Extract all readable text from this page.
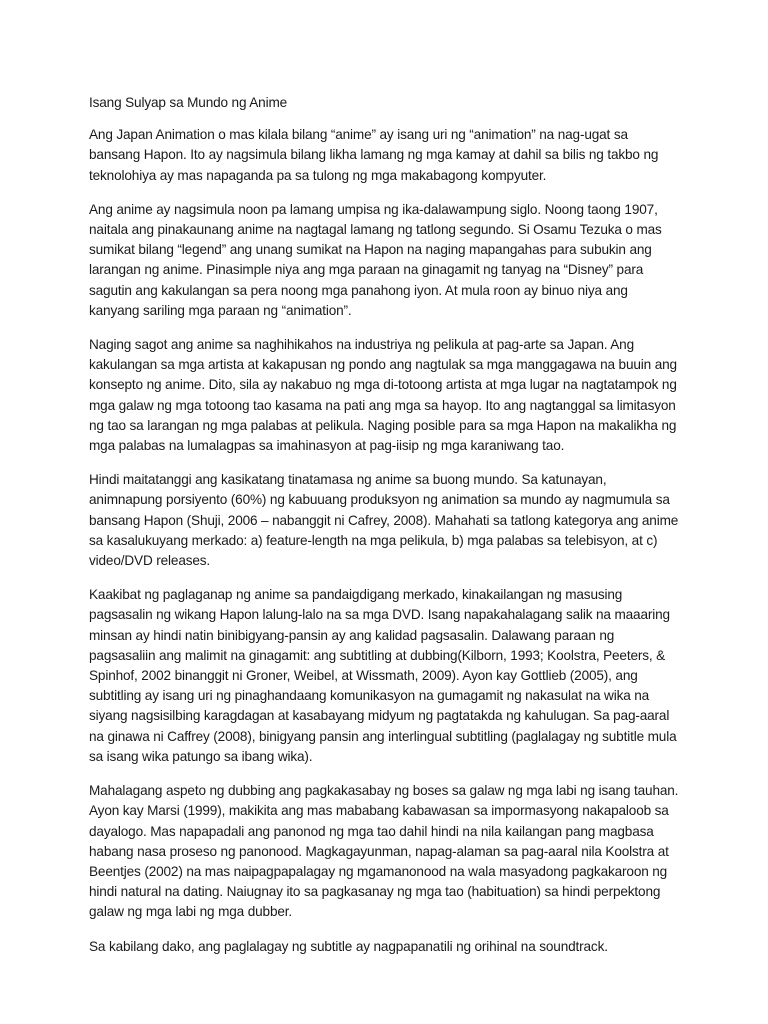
Isang Sulyap sa Mundo ng Anime

Ang Japan Animation o mas kilala bilang “anime” ay isang uri ng “animation” na nag-ugat sa bansang Hapon. Ito ay nagsimula bilang likha lamang ng mga kamay at dahil sa bilis ng takbo ng teknolohiya ay mas napaganda pa sa tulong ng mga makabagong kompyuter.

Ang anime ay nagsimula noon pa lamang umpisa ng ika-dalawampung siglo. Noong taong 1907, naitala ang pinakaunang anime na nagtagal lamang ng tatlong segundo. Si Osamu Tezuka o mas sumikat bilang “legend” ang unang sumikat na Hapon na naging mapangahas para subukin ang larangan ng anime. Pinasimple niya ang mga paraan na ginagamit ng tanyag na “Disney” para sagutin ang kakulangan sa pera noong mga panahong iyon. At mula roon ay binuo niya ang kanyang sariling mga paraan ng “animation”.

Naging sagot ang anime sa naghihikahos na industriya ng pelikula at pag-arte sa Japan. Ang kakulangan sa mga artista at kakapusan ng pondo ang nagtulak sa mga manggagawa na buuin ang konsepto ng anime. Dito, sila ay nakabuo ng mga di-totoong artista at mga lugar na nagtatampok ng mga galaw ng mga totoong tao kasama na pati ang mga sa hayop. Ito ang nagtanggal sa limitasyon ng tao sa larangan ng mga palabas at pelikula. Naging posible para sa mga Hapon na makalikha ng mga palabas na lumalagpas sa imahinasyon at pag-iisip ng mga karaniwang tao.

Hindi maitatanggi ang kasikatang tinatamasa ng anime sa buong mundo. Sa katunayan, animnapung porsiyento (60%) ng kabuuang produksyon ng animation sa mundo ay nagmumula sa bansang Hapon (Shuji, 2006 – nabanggit ni Cafrey, 2008). Mahahati sa tatlong kategorya ang anime sa kasalukuyang merkado: a) feature-length na mga pelikula, b) mga palabas sa telebisyon, at c) video/DVD releases.

Kaakibat ng paglaganap ng anime sa pandaigdigang merkado, kinakailangan ng masusing pagsasalin ng wikang Hapon lalung-lalo na sa mga DVD. Isang napakahalagang salik na maaaring minsan ay hindi natin binibigyang-pansin ay ang kalidad pagsasalin. Dalawang paraan ng pagsasaliin ang malimit na ginagamit: ang subtitling at dubbing(Kilborn, 1993; Koolstra, Peeters, & Spinhof, 2002 binanggit ni Groner, Weibel, at Wissmath, 2009). Ayon kay Gottlieb (2005), ang subtitling ay isang uri ng pinaghandaang komunikasyon na gumagamit ng nakasulat na wika na siyang nagsisilbing karagdagan at kasabayang midyum ng pagtatakda ng kahulugan. Sa pag-aaral na ginawa ni Caffrey (2008), binigyang pansin ang interlingual subtitling (paglalagay ng subtitle mula sa isang wika patungo sa ibang wika).

Mahalagang aspeto ng dubbing ang pagkakasabay ng boses sa galaw ng mga labi ng isang tauhan. Ayon kay Marsi (1999), makikita ang mas mababang kabawasan sa impormasyong nakapaloob sa dayalogo. Mas napapadali ang panonod ng mga tao dahil hindi na nila kailangan pang magbasa habang nasa proseso ng panonood. Magkagayunman, napag-alaman sa pag-aaral nila Koolstra at Beentjes (2002) na mas naipagpapalagay ng mgamanonood na wala masyadong pagkakaroon ng hindi natural na dating. Naiugnay ito sa pagkasanay ng mga tao (habituation) sa hindi perpektong galaw ng mga labi ng mga dubber.

Sa kabilang dako, ang paglalagay ng subtitle ay nagpapanatili ng orihinal na soundtrack.
